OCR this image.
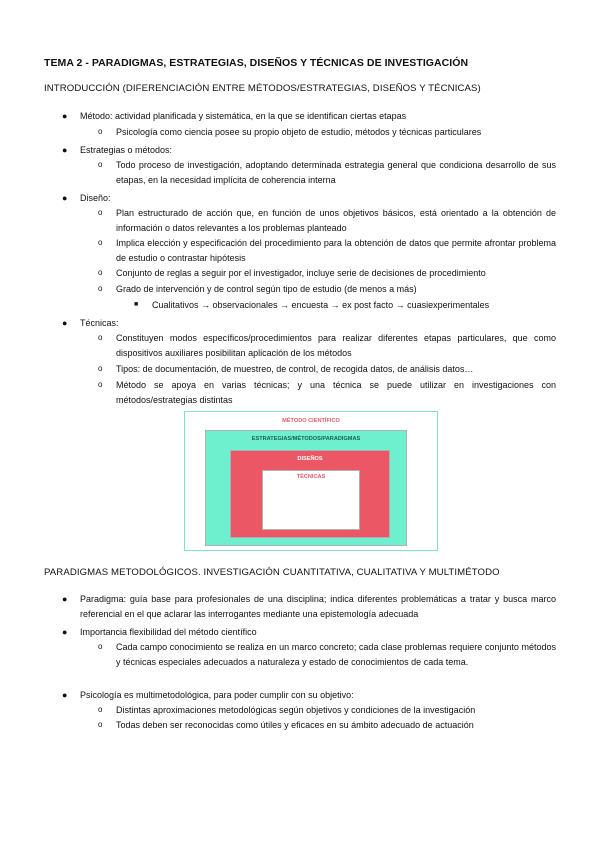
TEMA 2 - PARADIGMAS, ESTRATEGIAS, DISEÑOS Y TÉCNICAS DE INVESTIGACIÓN
INTRODUCCIÓN (DIFERENCIACIÓN ENTRE MÉTODOS/ESTRATEGIAS, DISEÑOS Y TÉCNICAS)
● Método: actividad planificada y sistemática, en la que se identifican ciertas etapas
o Psicología como ciencia posee su propio objeto de estudio, métodos y técnicas particulares
● Estrategias o métodos:
o Todo proceso de investigación, adoptando determinada estrategia general que condiciona desarrollo de sus etapas, en la necesidad implícita de coherencia interna
● Diseño:
o Plan estructurado de acción que, en función de unos objetivos básicos, está orientado a la obtención de información o datos relevantes a los problemas planteado
o Implica elección y especificación del procedimiento para la obtención de datos que permite afrontar problema de estudio o contrastar hipótesis
o Conjunto de reglas a seguir por el investigador, incluye serie de decisiones de procedimiento
o Grado de intervención y de control según tipo de estudio (de menos a más)
■ Cualitativos → observacionales → encuesta → ex post facto → cuasiexperimentales
● Técnicas:
o Constituyen modos específicos/procedimientos para realizar diferentes etapas particulares, que como dispositivos auxiliares posibilitan aplicación de los métodos
o Tipos: de documentación, de muestreo, de control, de recogida datos, de análisis datos…
o Método se apoya en varias técnicas; y una técnica se puede utilizar en investigaciones con métodos/estrategias distintas
MÉTODO CIENTÍFICO
ESTRATEGIAS/MÉTODOS/PARADIGMAS
DISEÑOS
TÉCNICAS
PARADIGMAS METODOLÓGICOS. INVESTIGACIÓN CUANTITATIVA, CUALITATIVA Y MULTIMÉTODO
● Paradigma: guía base para profesionales de una disciplina; indica diferentes problemáticas a tratar y busca marco referencial en el que aclarar las interrogantes mediante una epistemología adecuada
● Importancia flexibilidad del método científico
o Cada campo conocimiento se realiza en un marco concreto; cada clase problemas requiere conjunto métodos y técnicas especiales adecuados a naturaleza y estado de conocimientos de cada tema.
● Psicología es multimetodológica, para poder cumplir con su objetivo:
o Distintas aproximaciones metodológicas según objetivos y condiciones de la investigación
o Todas deben ser reconocidas como útiles y eficaces en su ámbito adecuado de actuación
